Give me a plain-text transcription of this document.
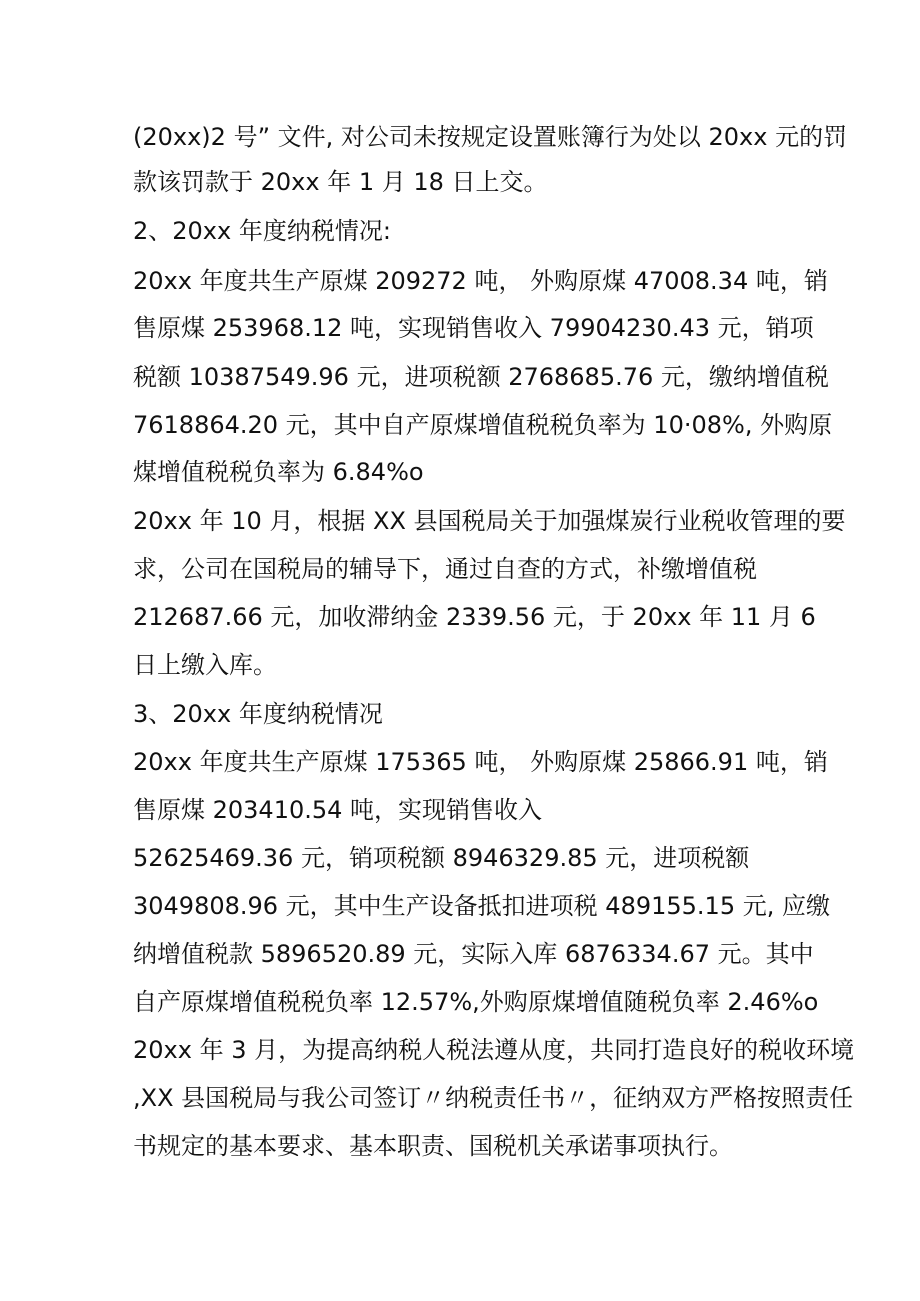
(20xx)2 号” 文件, 对公司未按规定设置账簿行为处以 20xx 元的罚
款该罚款于 20xx 年 1 月 18 日上交。
2、20xx 年度纳税情况:
20xx 年度共生产原煤 209272 吨， 外购原煤 47008.34 吨，销
售原煤 253968.12 吨，实现销售收入 79904230.43 元，销项
税额 10387549.96 元，进项税额 2768685.76 元，缴纳增值税
7618864.20 元，其中自产原煤增值税税负率为 10·08%, 外购原
煤增值税税负率为 6.84%o
20xx 年 10 月，根据 XX 县国税局关于加强煤炭行业税收管理的要
求，公司在国税局的辅导下，通过自查的方式，补缴增值税
212687.66 元，加收滞纳金 2339.56 元，于 20xx 年 11 月 6
日上缴入库。
3、20xx 年度纳税情况
20xx 年度共生产原煤 175365 吨， 外购原煤 25866.91 吨，销
售原煤 203410.54 吨，实现销售收入
52625469.36 元，销项税额 8946329.85 元，进项税额
3049808.96 元，其中生产设备抵扣进项税 489155.15 元, 应缴
纳增值税款 5896520.89 元，实际入库 6876334.67 元。其中
自产原煤增值税税负率 12.57%,外购原煤增值随税负率 2.46%o
20xx 年 3 月，为提高纳税人税法遵从度，共同打造良好的税收环境
,XX 县国税局与我公司签订〃纳税责任书〃，征纳双方严格按照责任
书规定的基本要求、基本职责、国税机关承诺事项执行。
